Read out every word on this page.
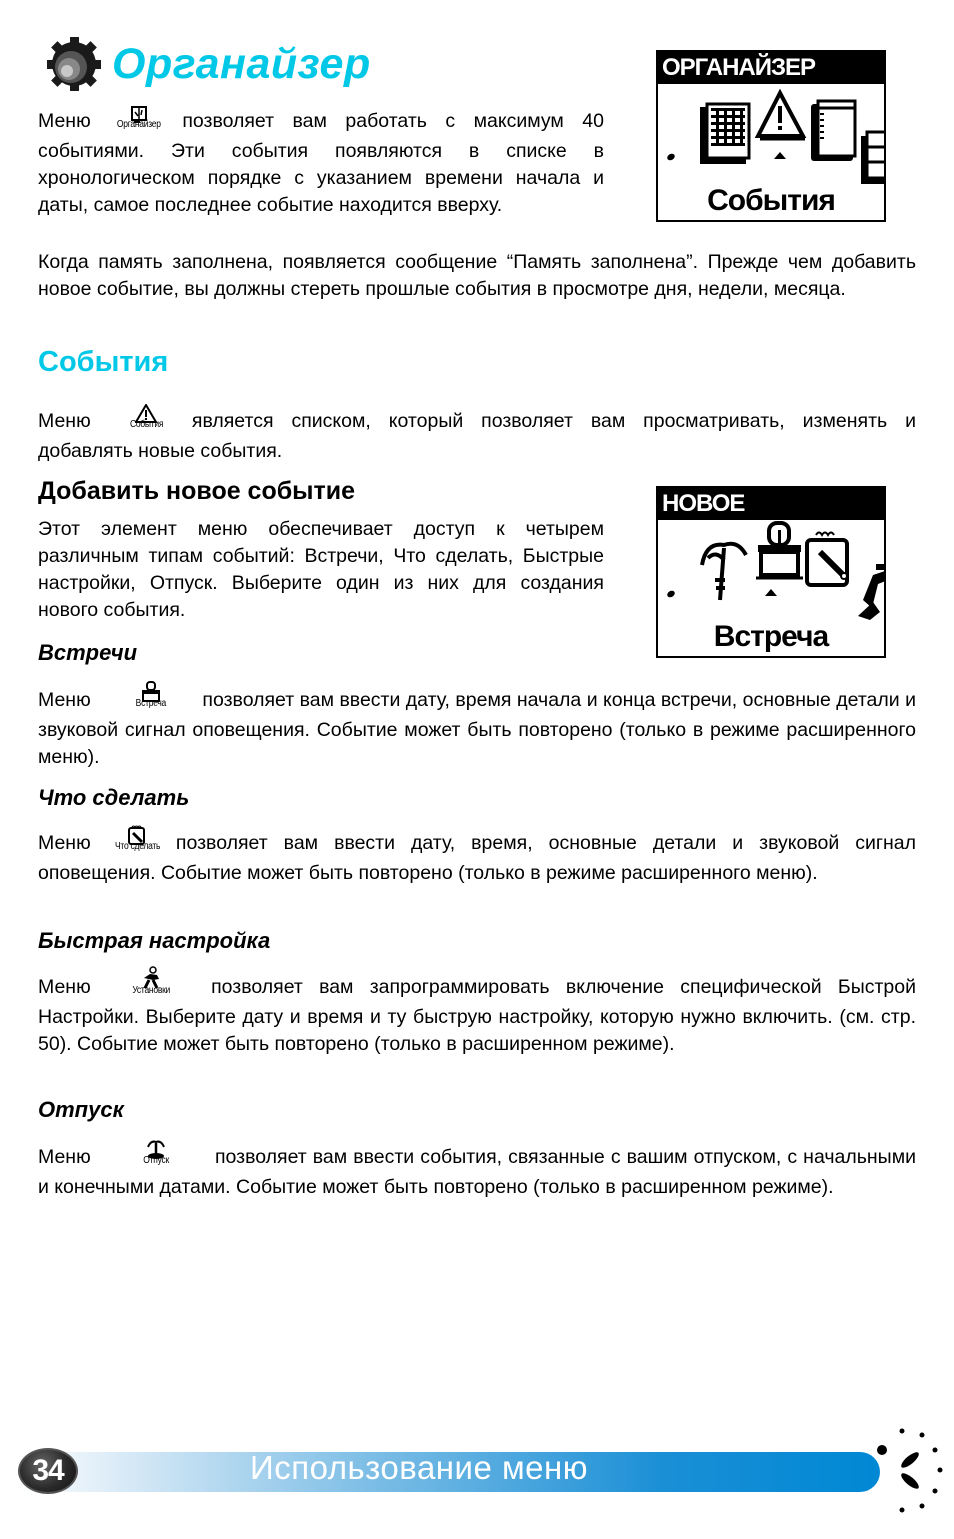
Органайзер
Меню	Органайзер позволяет вам работать с максимум 40 событиями. Эти события появляются в списке в хронологическом порядке с указанием времени начала и даты, самое последнее событие находится вверху.
ОРГАНАЙЗЕР
События
Когда память заполнена, появляется сообщение “Память заполнена”. Прежде чем добавить новое событие, вы должны стереть прошлые события в просмотре дня, недели, месяца.
События
Меню	События является списком, который позволяет вам просматривать, изменять и добавлять новые события.
Добавить новое событие
Этот элемент меню обеспечивает доступ к четырем различным типам событий: Встречи, Что сделать, Быстрые настройки, Отпуск. Выберите один из них для создания нового события.
НОВОЕ
Встреча
Встречи
Меню	Встреча позволяет вам ввести дату, время начала и конца встречи, основные детали и звуковой сигнал оповещения. Событие может быть повторено (только в режиме расширенного меню).
Что сделать
Меню Что сделать позволяет вам ввести дату, время, основные детали и звуковой сигнал оповещения. Событие может быть повторено (только в режиме расширенного меню).
Быстрая настройка
Меню	Установки позволяет вам запрограммировать включение специфической Быстрой Настройки. Выберите дату и время и ту быструю настройку, которую нужно включить. (см. стр. 50). Событие может быть повторено (только в расширенном режиме).
Отпуск
Меню	Отпуск позволяет вам ввести события, связанные с вашим отпуском, с начальными и конечными датами. Событие может быть повторено (только в расширенном режиме).
34	Использование меню
